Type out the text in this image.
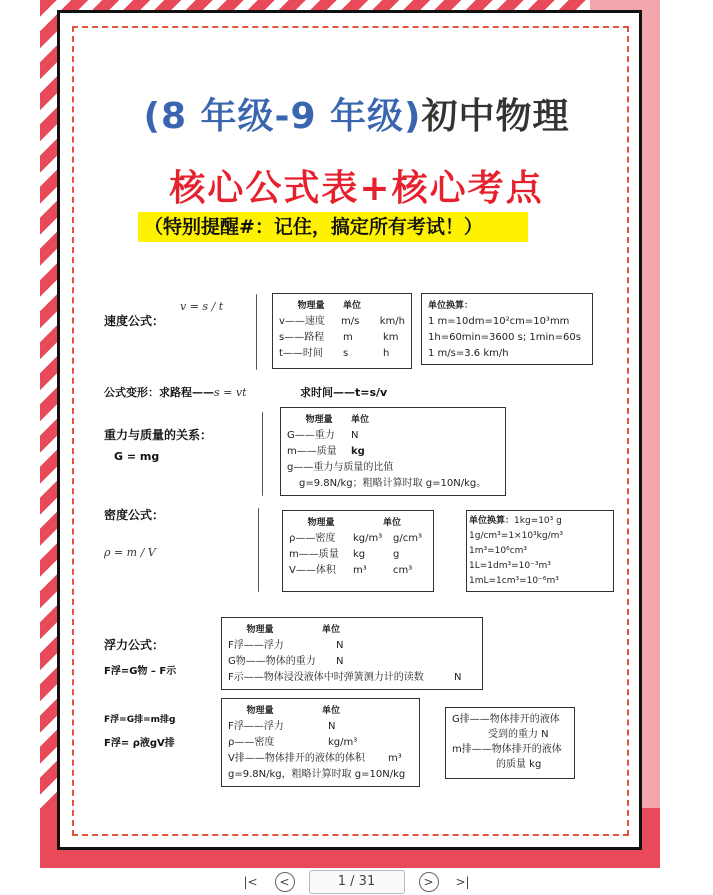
(8 年级-9 年级)初中物理
核心公式表+核心考点
（特别提醒#：记住，搞定所有考试！）
速度公式：
v = s / t	物理量	单位
v——速度	m/s	km/h
s——路程	m	km
t——时间	s	h
单位换算：
1 m=10dm=10²cm=10³mm
1h=60min=3600 s; 1min=60s
1 m/s=3.6 km/h
公式变形：求路程——s = vt	求时间——t=s/v
重力与质量的关系：
G = mg
物理量	单位
G——重力	N
m——质量	kg
g——重力与质量的比值
g=9.8N/kg；粗略计算时取 g=10N/kg。
密度公式：
ρ = m / V
物理量	单位
ρ——密度	kg/m³	g/cm³
m——质量	kg	g
V——体积	m³	cm³
单位换算：1kg=10³ g
1g/cm³=1×10³kg/m³
1m³=10⁶cm³
1L=1dm³=10⁻³m³
1mL=1cm³=10⁻⁶m³
浮力公式：
F浮=G物 – F示
物理量	单位
F浮——浮力	N
G物——物体的重力	N
F示——物体浸没液体中时弹簧测力计的读数	N
F浮=G排=m排g
F浮= ρ液gV排
物理量	单位
F浮——浮力	N
ρ——密度	kg/m³
V排——物体排开的液体的体积	m³
g=9.8N/kg，粗略计算时取 g=10N/kg
G排——物体排开的液体
受到的重力 N
m排——物体排开的液体
的质量 kg
|<	<	1 / 31	>	>|
